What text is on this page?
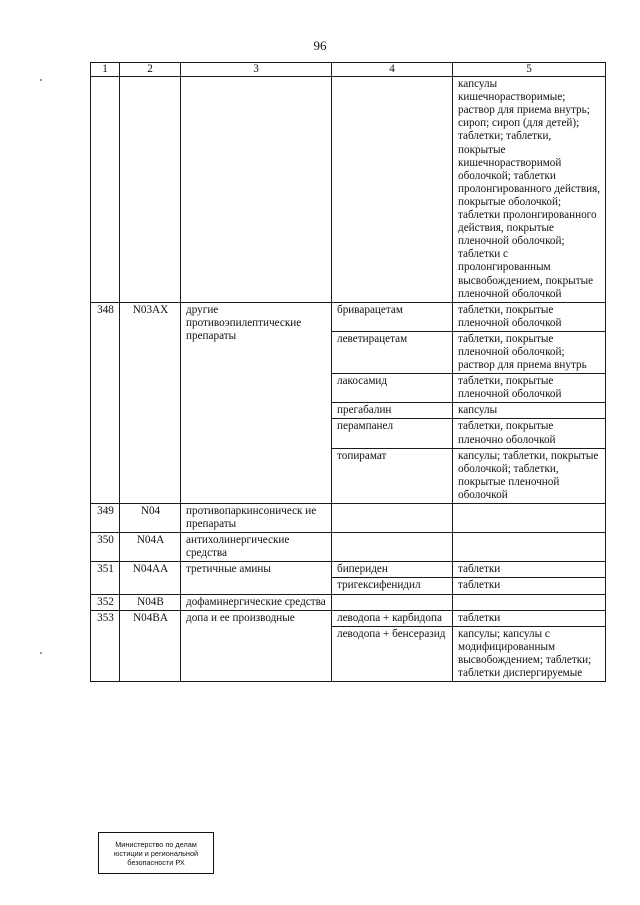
96
1	2	3	4	5
				капсулы кишечнорастворимые; раствор для приема внутрь; сироп; сироп (для детей); таблетки; таблетки, покрытые кишечнорастворимой оболочкой; таблетки пролонгированного действия, покрытые оболочкой; таблетки пролонгированного действия, покрытые пленочной оболочкой; таблетки с пролонгированным высвобождением, покрытые пленочной оболочкой
348	N03AX	другие противоэпилептические препараты	бриварацетам	таблетки, покрытые пленочной оболочкой
			леветирацетам	таблетки, покрытые пленочной оболочкой; раствор для приема внутрь
			лакосамид	таблетки, покрытые пленочной оболочкой
			прегабалин	капсулы
			перампанел	таблетки, покрытые пленочно оболочкой
			топирамат	капсулы; таблетки, покрытые оболочкой; таблетки, покрытые пленочной оболочкой
349	N04	противопаркинсоническ ие препараты		
350	N04A	антихолинергические средства		
351	N04AA	третичные амины	бипериден	таблетки
			тригексифенидил	таблетки
352	N04B	дофаминергические средства		
353	N04BA	допа и ее производные	леводопа + карбидопа	таблетки
			леводопа + бенсеразид	капсулы; капсулы с модифицированным высвобождением; таблетки; таблетки диспергируемые
Министерство по делам
юстиции и региональной
безопасности РХ
